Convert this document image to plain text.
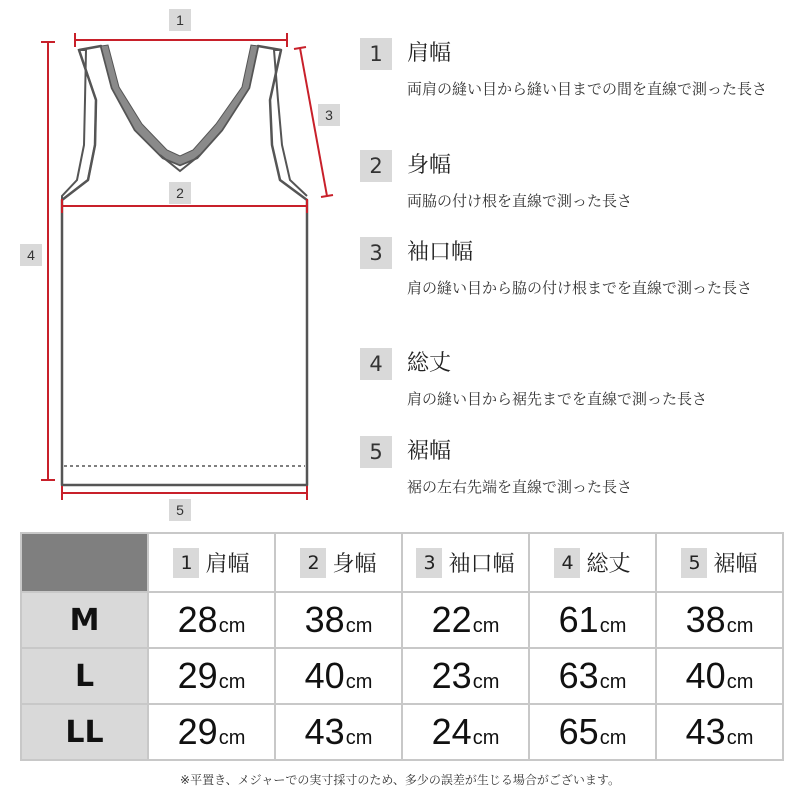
1
2
3
4
5
1	肩幅
両肩の縫い目から縫い目までの間を直線で測った長さ
2	身幅
両脇の付け根を直線で測った長さ
3	袖口幅
肩の縫い目から脇の付け根までを直線で測った長さ
4	総丈
肩の縫い目から裾先までを直線で測った長さ
5	裾幅
裾の左右先端を直線で測った長さ
	1 肩幅	2 身幅	3 袖口幅	4 総丈	5 裾幅
M	28cm	38cm	22cm	61cm	38cm
L	29cm	40cm	23cm	63cm	40cm
LL	29cm	43cm	24cm	65cm	43cm
※平置き、メジャーでの実寸採寸のため、多少の誤差が生じる場合がございます。
